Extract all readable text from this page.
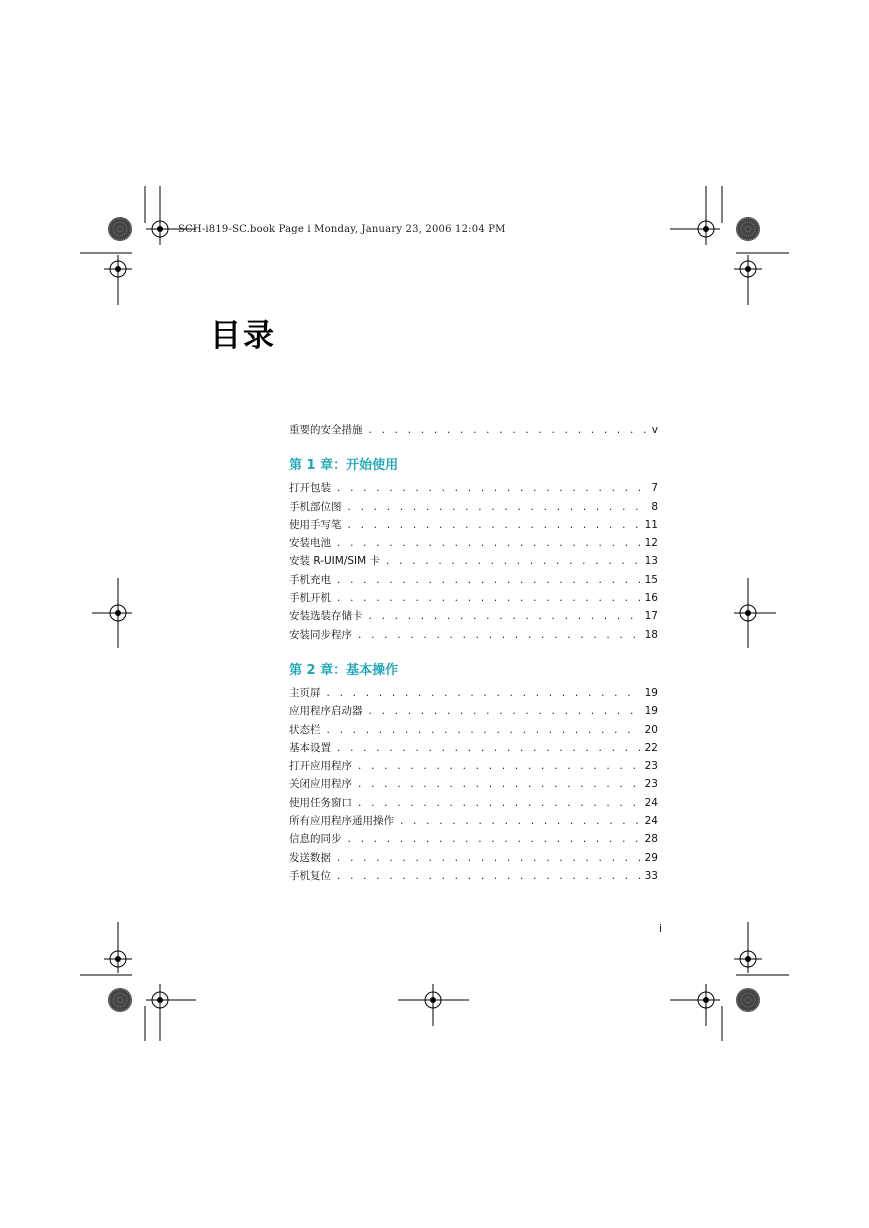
SCH-i819-SC.book Page i Monday, January 23, 2006 12:04 PM
目录
重要的安全措施 . . .	v
第 1 章：开始使用
打开包装 . . .	7
手机部位图 . . .	8
使用手写笔 . . .	11
安装电池 . . .	12
安装 R-UIM/SIM 卡 . . .	13
手机充电 . . .	15
手机开机 . . .	16
安装选装存储卡 . . .	17
安装同步程序 . . .	18
第 2 章：基本操作
主页屏 . . .	19
应用程序启动器 . . .	19
状态栏 . . .	20
基本设置 . . .	22
打开应用程序 . . .	23
关闭应用程序 . . .	23
使用任务窗口 . . .	24
所有应用程序通用操作 . . .	24
信息的同步 . . .	28
发送数据 . . .	29
手机复位 . . .	33
i
